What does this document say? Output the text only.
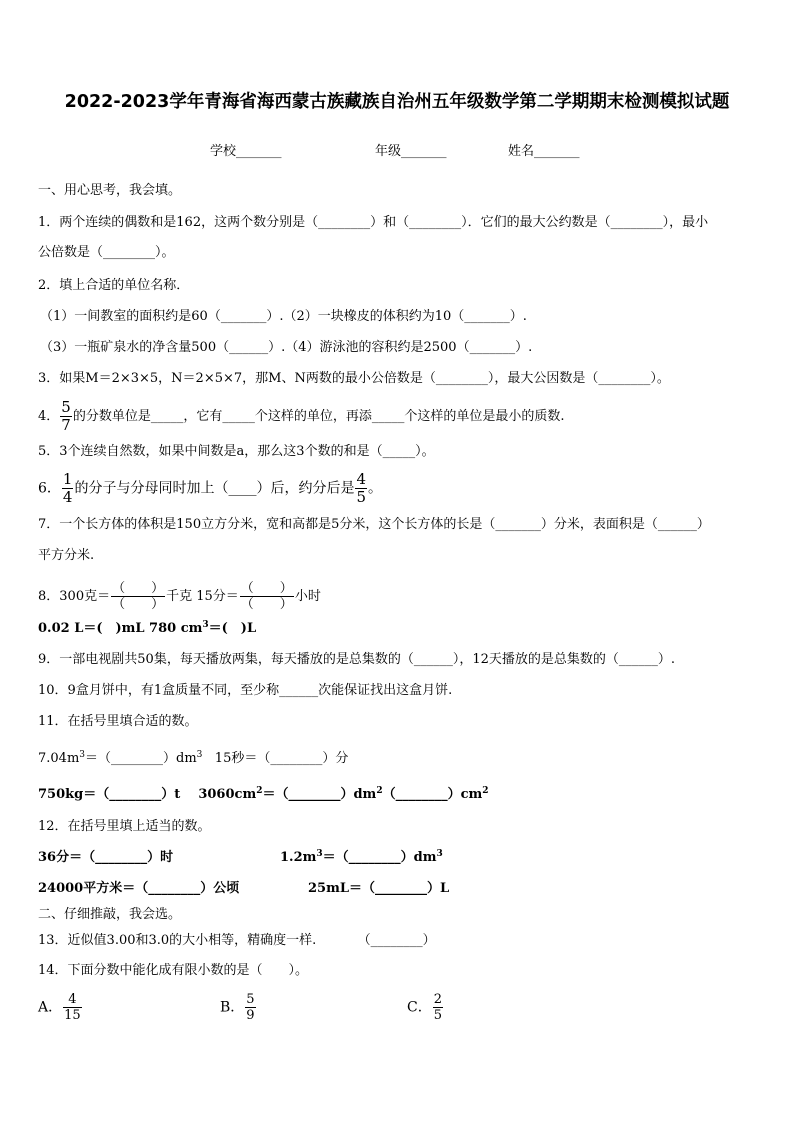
2022-2023学年青海省海西蒙古族藏族自治州五年级数学第二学期期末检测模拟试题
学校_______	年级_______	姓名_______
一、用心思考，我会填。
1．两个连续的偶数和是162，这两个数分别是（________）和（________）．它们的最大公约数是（________），最小
公倍数是（________）。
2．填上合适的单位名称．
（1）一间教室的面积约是60（_______）.（2）一块橡皮的体积约为10（_______）.
（3）一瓶矿泉水的净含量500（______）.（4）游泳池的容积约是2500（_______）.
3．如果M＝2×3×5，N＝2×5×7，那M、N两数的最小公倍数是（________），最大公因数是（________）。
4． $\frac{5}{7}$ 的分数单位是_____，它有_____个这样的单位，再添_____个这样的单位是最小的质数.
5．3个连续自然数，如果中间数是a，那么这3个数的和是（_____）。
6． $\frac{1}{4}$ 的分子与分母同时加上（____）后，约分后是 $\frac{4}{5}$ 。
7．一个长方体的体积是150立方分米，宽和高都是5分米，这个长方体的长是（_______）分米，表面积是（______）
平方分米.
8．300克＝ $\frac{( )}{( )}$ 千克 15分＝ $\frac{( )}{( )}$ 小时
0.02 L＝(　)mL 780 $cm^3=$(　)L
9．一部电视剧共50集，每天播放两集，每天播放的是总集数的（______），12天播放的是总集数的（______）.
10．9盒月饼中，有1盒质量不同，至少称______次能保证找出这盒月饼.
11．在括号里填合适的数。
$7.04m^3=(\_\_\_\_\_\_\_\_)dm^3$   15秒＝（________）分
750kg＝（________）t    $3060cm^2=(\_\_\_\_\_\_\_\_)dm^2(\_\_\_\_\_\_\_\_)cm^2$
12．在括号里填上适当的数。
36分＝（________）时	$1.2m^3=(\_\_\_\_\_\_\_\_)dm^3$
24000平方米＝（________）公顷	25mL＝（________）L
二、仔细推敲，我会选。
13．近似值3.00和3.0的大小相等，精确度一样.          （________）
14．下面分数中能化成有限小数的是（　　）。
A． $\frac{4}{15}$	B． $\frac{5}{9}$	C． $\frac{2}{5}$
